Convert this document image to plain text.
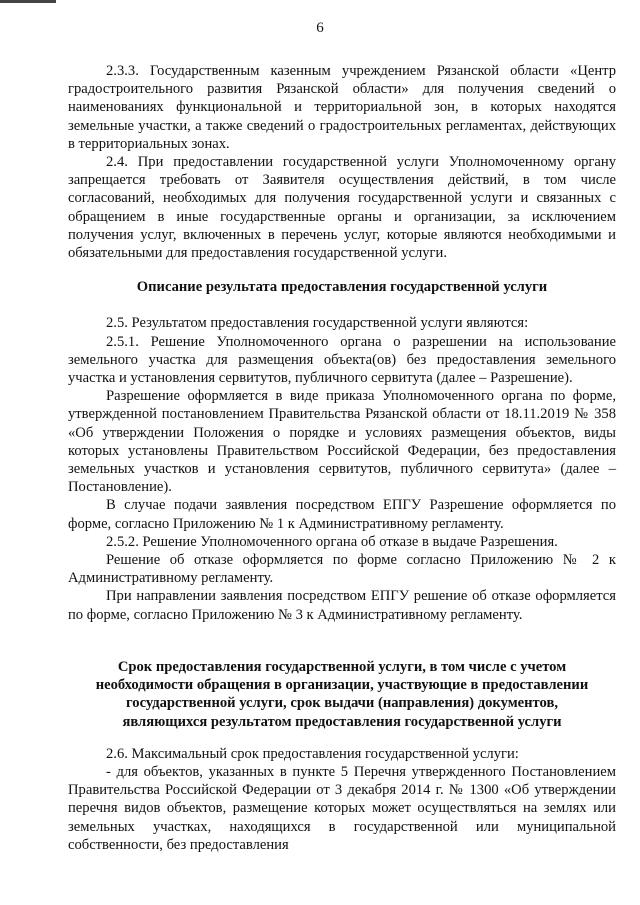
6

2.3.3. Государственным казенным учреждением Рязанской области «Центр градостроительного развития Рязанской области» для получения сведений о наименованиях функциональной и территориальной зон, в которых находятся земельные участки, а также сведений о градостроительных регламентах, действующих в территориальных зонах.

2.4. При предоставлении государственной услуги Уполномоченному органу запрещается требовать от Заявителя осуществления действий, в том числе согласований, необходимых для получения государственной услуги и связанных с обращением в иные государственные органы и организации, за исключением получения услуг, включенных в перечень услуг, которые являются необходимыми и обязательными для предоставления государственной услуги.

Описание результата предоставления государственной услуги

2.5. Результатом предоставления государственной услуги являются:

2.5.1. Решение Уполномоченного органа о разрешении на использование земельного участка для размещения объекта(ов) без предоставления земельного участка и установления сервитутов, публичного сервитута (далее – Разрешение).

Разрешение оформляется в виде приказа Уполномоченного органа по форме, утвержденной постановлением Правительства Рязанской области от 18.11.2019 № 358 «Об утверждении Положения о порядке и условиях размещения объектов, виды которых установлены Правительством Российской Федерации, без предоставления земельных участков и установления сервитутов, публичного сервитута» (далее – Постановление).

В случае подачи заявления посредством ЕПГУ Разрешение оформляется по форме, согласно Приложению № 1 к Административному регламенту.

2.5.2. Решение Уполномоченного органа об отказе в выдаче Разрешения.

Решение об отказе оформляется по форме согласно Приложению № 2 к Административному регламенту.

При направлении заявления посредством ЕПГУ решение об отказе оформляется по форме, согласно Приложению № 3 к Административному регламенту.

Срок предоставления государственной услуги, в том числе с учетом
необходимости обращения в организации, участвующие в предоставлении
государственной услуги, срок выдачи (направления) документов,
являющихся результатом предоставления государственной услуги

2.6. Максимальный срок предоставления государственной услуги:

- для объектов, указанных в пункте 5 Перечня утвержденного Постановлением Правительства Российской Федерации от 3 декабря 2014 г. № 1300 «Об утверждении перечня видов объектов, размещение которых может осуществляться на землях или земельных участках, находящихся в государственной или муниципальной собственности, без предоставления
